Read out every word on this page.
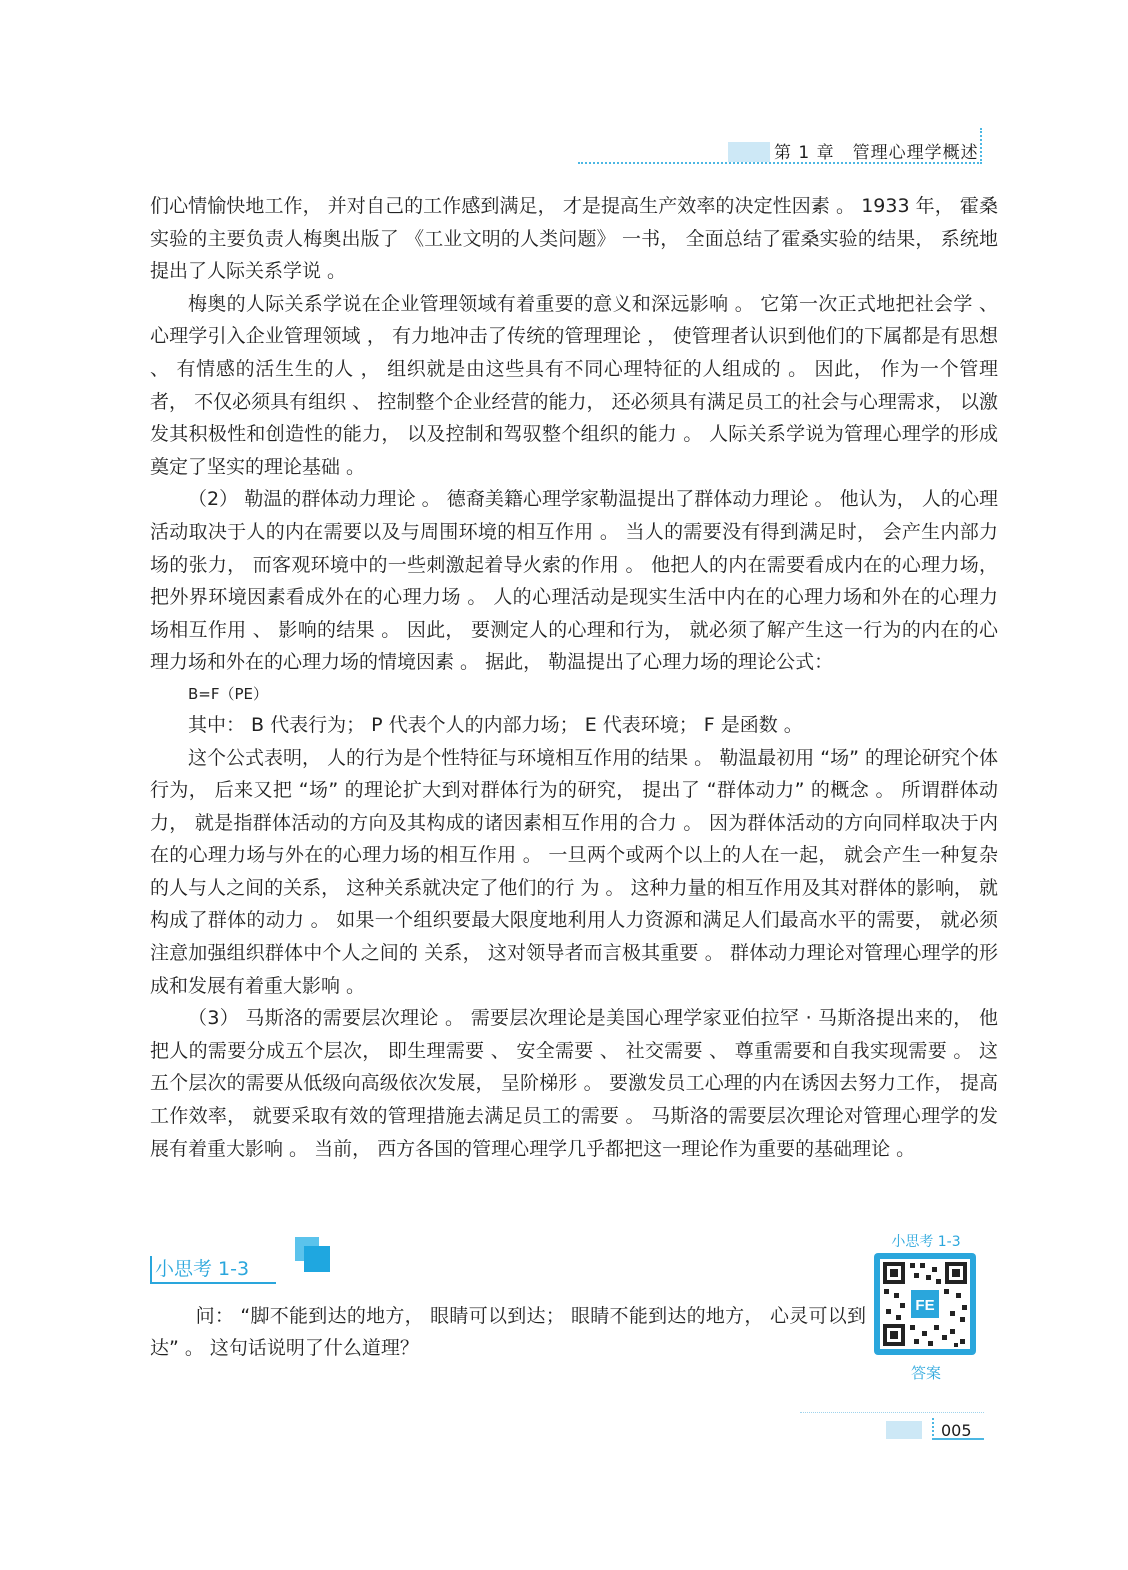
第 1 章　管理心理学概述

们心情愉快地工作， 并对自己的工作感到满足， 才是提高生产效率的决定性因素 。 1933 年， 霍桑实验的主要负责人梅奥出版了 《工业文明的人类问题》 一书， 全面总结了霍桑实验的结果， 系统地提出了人际关系学说 。

梅奥的人际关系学说在企业管理领域有着重要的意义和深远影响 。 它第一次正式地把社会学 、 心理学引入企业管理领域 ， 有力地冲击了传统的管理理论 ， 使管理者认识到他们的下属都是有思想 、 有情感的活生生的人 ， 组织就是由这些具有不同心理特征的人组成的 。 因此， 作为一个管理者， 不仅必须具有组织 、 控制整个企业经营的能力， 还必须具有满足员工的社会与心理需求， 以激发其积极性和创造性的能力， 以及控制和驾驭整个组织的能力 。 人际关系学说为管理心理学的形成奠定了坚实的理论基础 。

（2） 勒温的群体动力理论 。 德裔美籍心理学家勒温提出了群体动力理论 。 他认为， 人的心理活动取决于人的内在需要以及与周围环境的相互作用 。 当人的需要没有得到满足时， 会产生内部力场的张力， 而客观环境中的一些刺激起着导火索的作用 。 他把人的内在需要看成内在的心理力场， 把外界环境因素看成外在的心理力场 。 人的心理活动是现实生活中内在的心理力场和外在的心理力场相互作用 、 影响的结果 。 因此， 要测定人的心理和行为， 就必须了解产生这一行为的内在的心理力场和外在的心理力场的情境因素 。 据此， 勒温提出了心理力场的理论公式：

B=F（PE）

其中： B 代表行为； P 代表个人的内部力场； E 代表环境； F 是函数 。

这个公式表明， 人的行为是个性特征与环境相互作用的结果 。 勒温最初用 “场” 的理论研究个体行为， 后来又把 “场” 的理论扩大到对群体行为的研究， 提出了 “群体动力” 的概念 。 所谓群体动力， 就是指群体活动的方向及其构成的诸因素相互作用的合力 。 因为群体活动的方向同样取决于内在的心理力场与外在的心理力场的相互作用 。 一旦两个或两个以上的人在一起， 就会产生一种复杂的人与人之间的关系， 这种关系就决定了他们的行 为 。 这种力量的相互作用及其对群体的影响， 就构成了群体的动力 。 如果一个组织要最大限度地利用人力资源和满足人们最高水平的需要， 就必须注意加强组织群体中个人之间的 关系， 这对领导者而言极其重要 。 群体动力理论对管理心理学的形成和发展有着重大影响 。

（3） 马斯洛的需要层次理论 。 需要层次理论是美国心理学家亚伯拉罕 · 马斯洛提出来的， 他把人的需要分成五个层次， 即生理需要 、 安全需要 、 社交需要 、 尊重需要和自我实现需要 。 这五个层次的需要从低级向高级依次发展， 呈阶梯形 。 要激发员工心理的内在诱因去努力工作， 提高工作效率， 就要采取有效的管理措施去满足员工的需要 。 马斯洛的需要层次理论对管理心理学的发展有着重大影响 。 当前， 西方各国的管理心理学几乎都把这一理论作为重要的基础理论 。

小思考 1-3

问： “脚不能到达的地方， 眼睛可以到达； 眼睛不能到达的地方， 心灵可以到达” 。 这句话说明了什么道理？

小思考 1-3
FE
答案
005
